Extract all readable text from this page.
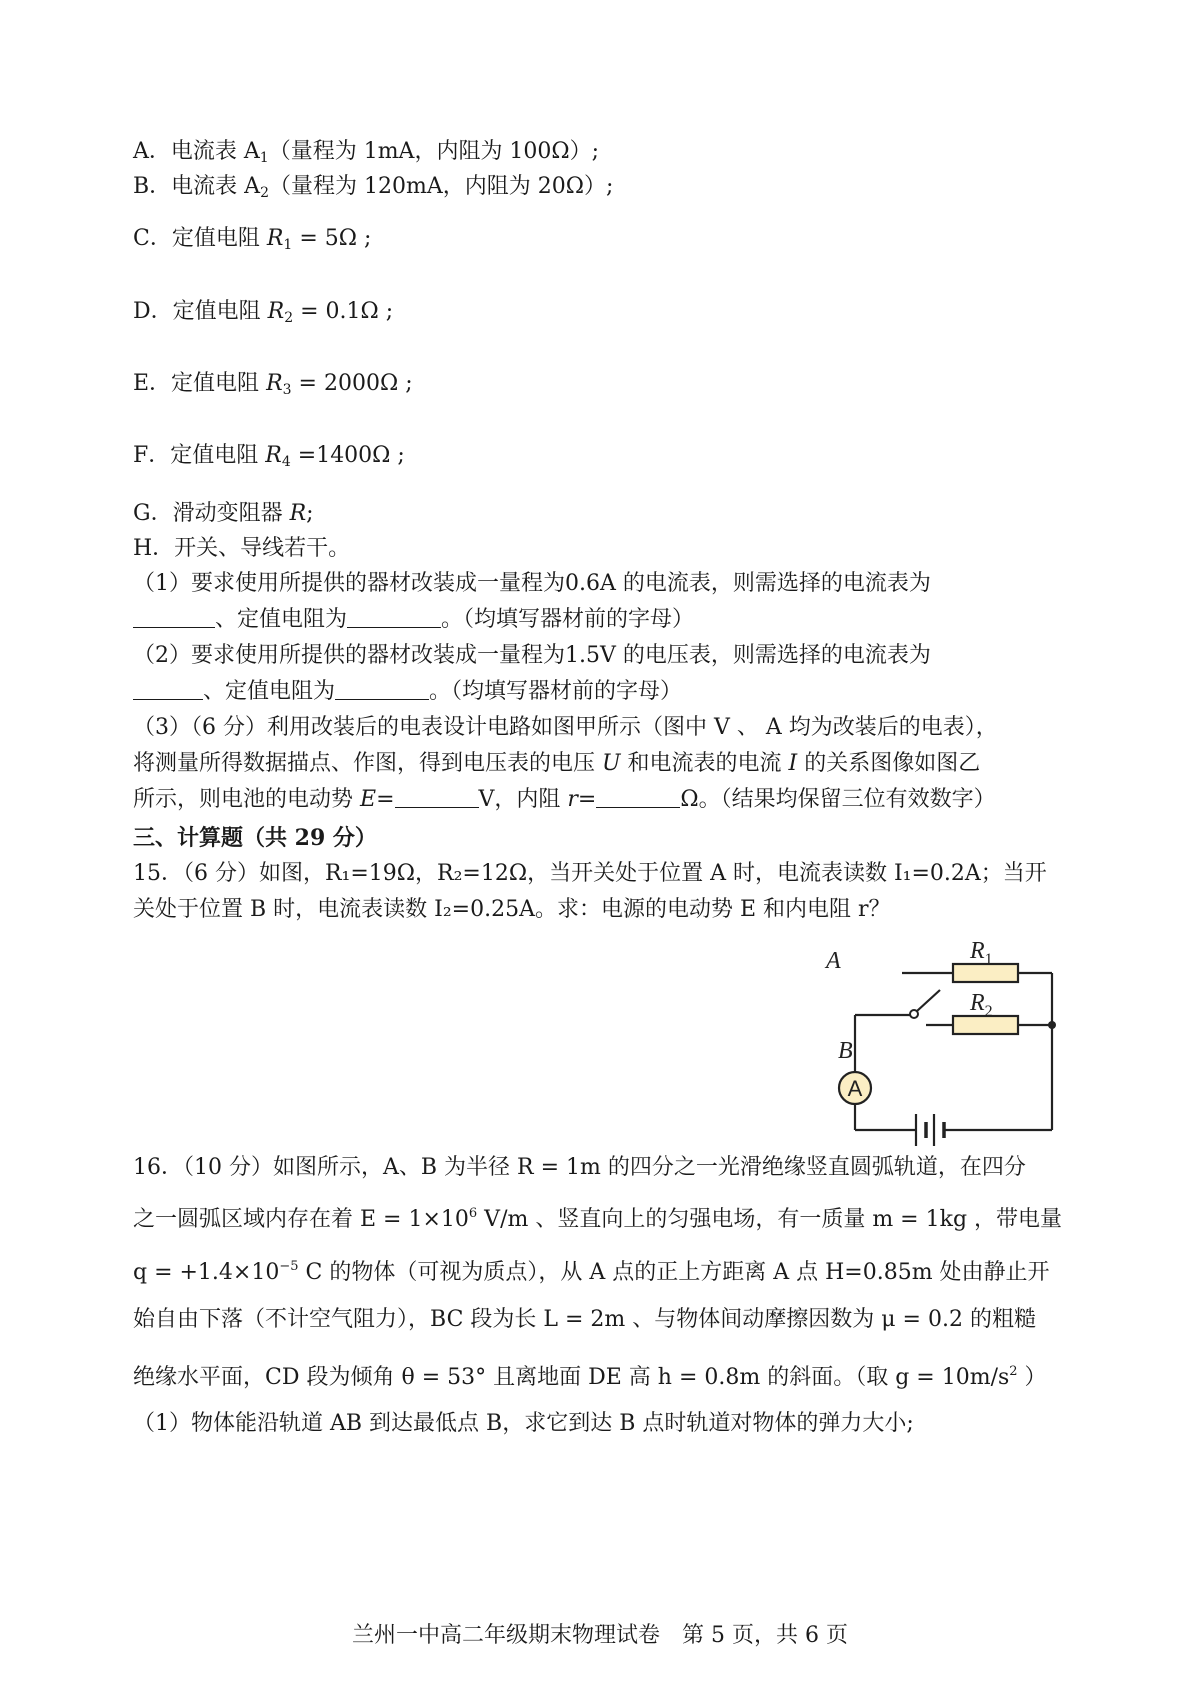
A．电流表 $A_1$（量程为 1mA，内阻为 100Ω）;
B．电流表 $A_2$（量程为 120mA，内阻为 20Ω）;
C．定值电阻 $R_1 = 5\Omega$ ;
D．定值电阻 $R_2 = 0.1\Omega$ ;
E．定值电阻 $R_3 = 2000\Omega$ ;
F．定值电阻 $R_4 =1400\Omega$ ;
G．滑动变阻器 R;
H．开关、导线若干。
（1）要求使用所提供的器材改装成一量程为0.6A 的电流表，则需选择的电流表为
、定值电阻为	。（均填写器材前的字母）
（2）要求使用所提供的器材改装成一量程为1.5V 的电压表，则需选择的电流表为
、定值电阻为	。（均填写器材前的字母）
（3）（6 分）利用改装后的电表设计电路如图甲所示（图中 V 、 A 均为改装后的电表），
将测量所得数据描点、作图，得到电压表的电压 U 和电流表的电流 I 的关系图像如图乙
所示，则电池的电动势 E=	V，内阻 r=	Ω。（结果均保留三位有效数字）
三、计算题（共 29 分）
15．（6 分）如图，R₁=19Ω，R₂=12Ω，当开关处于位置 A 时，电流表读数 I₁=0.2A；当开
关处于位置 B 时，电流表读数 I₂=0.25A。求：电源的电动势 E 和内电阻 r？
A
A
B
$R_1$
$R_2$
16．（10 分）如图所示，A、B 为半径 R = 1m 的四分之一光滑绝缘竖直圆弧轨道，在四分
之一圆弧区域内存在着 $E = 1\times 10^6$ V/m 、竖直向上的匀强电场，有一质量 m = 1kg ，带电量
$q = +1.4\times 10^{-5}$ C 的物体（可视为质点），从 A 点的正上方距离 A 点 H=0.85m 处由静止开
始自由下落（不计空气阻力），BC 段为长 L = 2m 、与物体间动摩擦因数为 μ = 0.2 的粗糙
绝缘水平面，CD 段为倾角 θ = 53° 且离地面 DE 高 h = 0.8m 的斜面。（取 $g = 10m/s^2$ ）
（1）物体能沿轨道 AB 到达最低点 B，求它到达 B 点时轨道对物体的弹力大小;
兰州一中高二年级期末物理试卷　第 5 页，共 6 页
